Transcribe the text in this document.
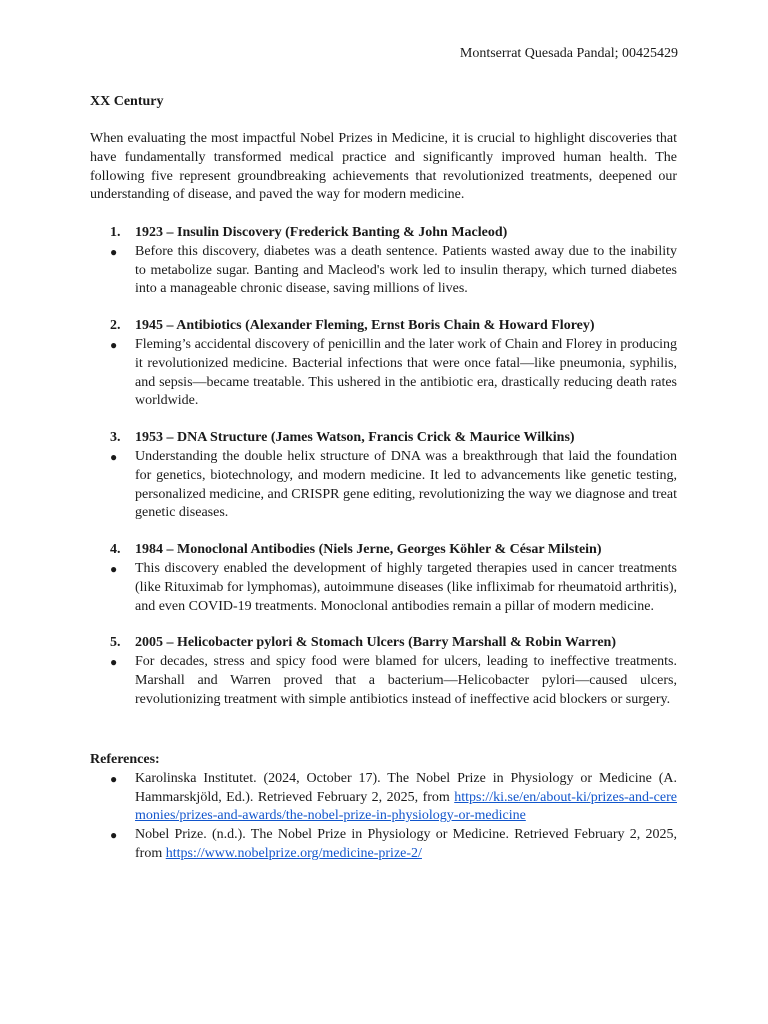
Montserrat Quesada Pandal; 00425429
XX Century
When evaluating the most impactful Nobel Prizes in Medicine, it is crucial to highlight discoveries that have fundamentally transformed medical practice and significantly improved human health. The following five represent groundbreaking achievements that revolutionized treatments, deepened our understanding of disease, and paved the way for modern medicine.
1.	1923 – Insulin Discovery (Frederick Banting & John Macleod)
●	Before this discovery, diabetes was a death sentence. Patients wasted away due to the inability to metabolize sugar. Banting and Macleod's work led to insulin therapy, which turned diabetes into a manageable chronic disease, saving millions of lives.
2.	1945 – Antibiotics (Alexander Fleming, Ernst Boris Chain & Howard Florey)
●	Fleming’s accidental discovery of penicillin and the later work of Chain and Florey in producing it revolutionized medicine. Bacterial infections that were once fatal—like pneumonia, syphilis, and sepsis—became treatable. This ushered in the antibiotic era, drastically reducing death rates worldwide.
3.	1953 – DNA Structure (James Watson, Francis Crick & Maurice Wilkins)
●	Understanding the double helix structure of DNA was a breakthrough that laid the foundation for genetics, biotechnology, and modern medicine. It led to advancements like genetic testing, personalized medicine, and CRISPR gene editing, revolutionizing the way we diagnose and treat genetic diseases.
4.	1984 – Monoclonal Antibodies (Niels Jerne, Georges Köhler & César Milstein)
●	This discovery enabled the development of highly targeted therapies used in cancer treatments (like Rituximab for lymphomas), autoimmune diseases (like infliximab for rheumatoid arthritis), and even COVID-19 treatments. Monoclonal antibodies remain a pillar of modern medicine.
5.	2005 – Helicobacter pylori & Stomach Ulcers (Barry Marshall & Robin Warren)
●	For decades, stress and spicy food were blamed for ulcers, leading to ineffective treatments. Marshall and Warren proved that a bacterium—Helicobacter pylori—caused ulcers, revolutionizing treatment with simple antibiotics instead of ineffective acid blockers or surgery.
References:
●	Karolinska Institutet. (2024, October 17). The Nobel Prize in Physiology or Medicine (A. Hammarskjöld, Ed.). Retrieved February 2, 2025, from https://ki.se/en/about-ki/prizes-and-ceremonies/prizes-and-awards/the-nobel-prize-in-physiology-or-medicine
●	Nobel Prize. (n.d.). The Nobel Prize in Physiology or Medicine. Retrieved February 2, 2025, from https://www.nobelprize.org/medicine-prize-2/
